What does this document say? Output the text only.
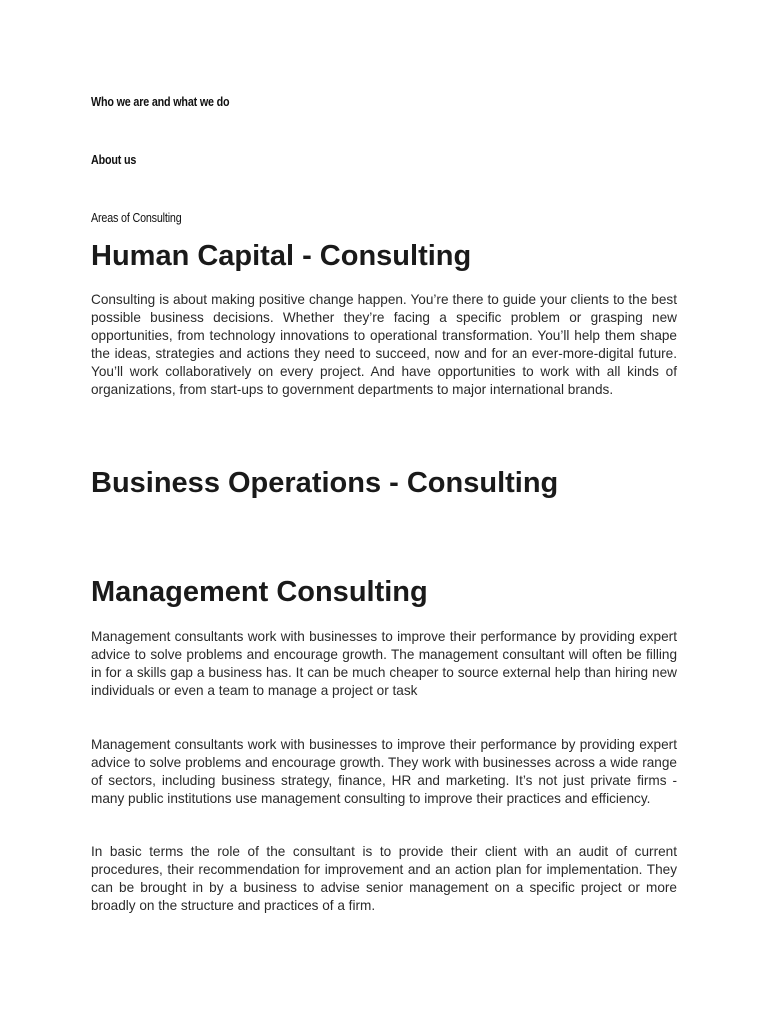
Who we are and what we do
About us
Areas of Consulting
Human Capital - Consulting

Consulting is about making positive change happen. You’re there to guide your clients to the best possible business decisions. Whether they’re facing a specific problem or grasping new opportunities, from technology innovations to operational transformation. You’ll help them shape the ideas, strategies and actions they need to succeed, now and for an ever-more-digital future. You’ll work collaboratively on every project. And have opportunities to work with all kinds of organizations, from start-ups to government departments to major international brands.

Business Operations - Consulting
Management Consulting

Management consultants work with businesses to improve their performance by providing expert advice to solve problems and encourage growth. The management consultant will often be filling in for a skills gap a business has. It can be much cheaper to source external help than hiring new individuals or even a team to manage a project or task

Management consultants work with businesses to improve their performance by providing expert advice to solve problems and encourage growth. They work with businesses across a wide range of sectors, including business strategy, finance, HR and marketing. It’s not just private firms - many public institutions use management consulting to improve their practices and efficiency.

In basic terms the role of the consultant is to provide their client with an audit of current procedures, their recommendation for improvement and an action plan for implementation. They can be brought in by a business to advise senior management on a specific project or more broadly on the structure and practices of a firm.
